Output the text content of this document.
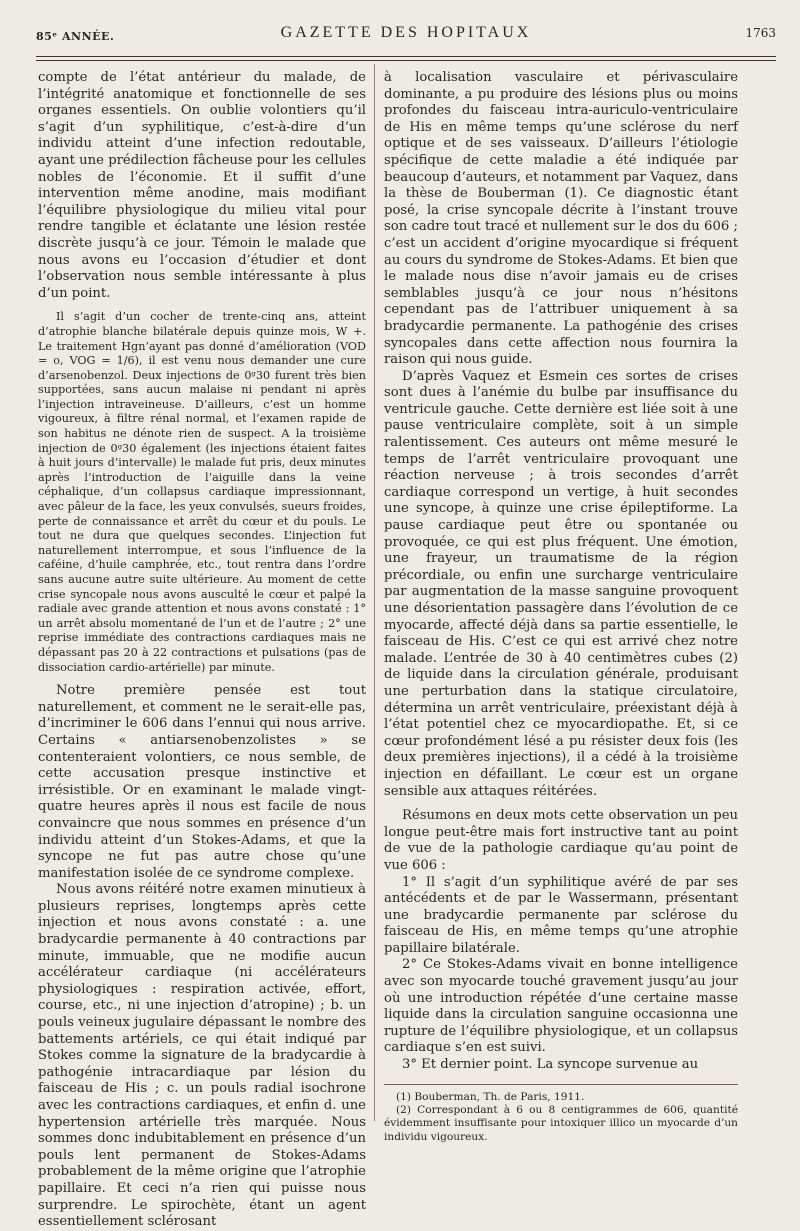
85ᵉ ANNÉE.	GAZETTE DES HOPITAUX	1763

compte de l’état antérieur du malade, de l’intégrité anatomique et fonctionnelle de ses organes essentiels. On oublie volontiers qu’il s’agit d’un syphilitique, c’est-à-dire d’un individu atteint d’une infection redoutable, ayant une prédilection fâcheuse pour les cellules nobles de l’économie. Et il suffit d’une intervention même anodine, mais modifiant l’équilibre physiologique du milieu vital pour rendre tangible et éclatante une lésion restée discrète jusqu’à ce jour. Témoin le malade que nous avons eu l’occasion d’étudier et dont l’observation nous semble intéressante à plus d’un point.

Il s’agit d’un cocher de trente-cinq ans, atteint d’atrophie blanche bilatérale depuis quinze mois, W +. Le traitement Hgn’ayant pas donné d’amélioration (VOD = o, VOG = 1/6), il est venu nous demander une cure d’arsenobenzol. Deux injections de 0ᵍ30 furent très bien supportées, sans aucun malaise ni pendant ni après l’injection intraveineuse. D’ailleurs, c’est un homme vigoureux, à filtre rénal normal, et l’examen rapide de son habitus ne dénote rien de suspect. A la troisième injection de 0ᵍ30 également (les injections étaient faites à huit jours d’intervalle) le malade fut pris, deux minutes après l’introduction de l’aiguille dans la veine céphalique, d’un collapsus cardiaque impressionnant, avec pâleur de la face, les yeux convulsés, sueurs froides, perte de connaissance et arrêt du cœur et du pouls. Le tout ne dura que quelques secondes. L’injection fut naturellement interrompue, et sous l’influence de la caféine, d’huile camphrée, etc., tout rentra dans l’ordre sans aucune autre suite ultérieure. Au moment de cette crise syncopale nous avons ausculté le cœur et palpé la radiale avec grande attention et nous avons constaté : 1° un arrêt absolu momentané de l’un et de l’autre ; 2° une reprise immédiate des contractions cardiaques mais ne dépassant pas 20 à 22 contractions et pulsations (pas de dissociation cardio-artérielle) par minute.

Notre première pensée est tout naturellement, et comment ne le serait-elle pas, d’incriminer le 606 dans l’ennui qui nous arrive. Certains « antiarsenobenzolistes » se contenteraient volontiers, ce nous semble, de cette accusation presque instinctive et irrésistible. Or en examinant le malade vingt-quatre heures après il nous est facile de nous convaincre que nous sommes en présence d’un individu atteint d’un Stokes-Adams, et que la syncope ne fut pas autre chose qu’une manifestation isolée de ce syndrome complexe.

Nous avons réitéré notre examen minutieux à plusieurs reprises, longtemps après cette injection et nous avons constaté : a. une bradycardie permanente à 40 contractions par minute, immuable, que ne modifie aucun accélérateur cardiaque (ni accélérateurs physiologiques : respiration activée, effort, course, etc., ni une injection d’atropine) ; b. un pouls veineux jugulaire dépassant le nombre des battements artériels, ce qui était indiqué par Stokes comme la signature de la bradycardie à pathogénie intracardiaque par lésion du faisceau de His ; c. un pouls radial isochrone avec les contractions cardiaques, et enfin d. une hypertension artérielle très marquée. Nous sommes donc indubitablement en présence d’un pouls lent permanent de Stokes-Adams probablement de la même origine que l’atrophie papillaire. Et ceci n’a rien qui puisse nous surprendre. Le spirochète, étant un agent essentiellement sclérosant

à localisation vasculaire et périvasculaire dominante, a pu produire des lésions plus ou moins profondes du faisceau intra-auriculo-ventriculaire de His en même temps qu’une sclérose du nerf optique et de ses vaisseaux. D’ailleurs l’étiologie spécifique de cette maladie a été indiquée par beaucoup d’auteurs, et notamment par Vaquez, dans la thèse de Bouberman (1). Ce diagnostic étant posé, la crise syncopale décrite à l’instant trouve son cadre tout tracé et nullement sur le dos du 606 ; c’est un accident d’origine myocardique si fréquent au cours du syndrome de Stokes-Adams. Et bien que le malade nous dise n’avoir jamais eu de crises semblables jusqu’à ce jour nous n’hésitons cependant pas de l’attribuer uniquement à sa bradycardie permanente. La pathogénie des crises syncopales dans cette affection nous fournira la raison qui nous guide.

D’après Vaquez et Esmein ces sortes de crises sont dues à l’anémie du bulbe par insuffisance du ventricule gauche. Cette dernière est liée soit à une pause ventriculaire complète, soit à un simple ralentissement. Ces auteurs ont même mesuré le temps de l’arrêt ventriculaire provoquant une réaction nerveuse ; à trois secondes d’arrêt cardiaque correspond un vertige, à huit secondes une syncope, à quinze une crise épileptiforme. La pause cardiaque peut être ou spontanée ou provoquée, ce qui est plus fréquent. Une émotion, une frayeur, un traumatisme de la région précordiale, ou enfin une surcharge ventriculaire par augmentation de la masse sanguine provoquent une désorientation passagère dans l’évolution de ce myocarde, affecté déjà dans sa partie essentielle, le faisceau de His. C’est ce qui est arrivé chez notre malade. L’entrée de 30 à 40 centimètres cubes (2) de liquide dans la circulation générale, produisant une perturbation dans la statique circulatoire, détermina un arrêt ventriculaire, préexistant déjà à l’état potentiel chez ce myocardiopathe. Et, si ce cœur profondément lésé a pu résister deux fois (les deux premières injections), il a cédé à la troisième injection en défaillant. Le cœur est un organe sensible aux attaques réitérées.

Résumons en deux mots cette observation un peu longue peut-être mais fort instructive tant au point de vue de la pathologie cardiaque qu’au point de vue 606 :

1° Il s’agit d’un syphilitique avéré de par ses antécédents et de par le Wassermann, présentant une bradycardie permanente par sclérose du faisceau de His, en même temps qu’une atrophie papillaire bilatérale.

2° Ce Stokes-Adams vivait en bonne intelligence avec son myocarde touché gravement jusqu’au jour où une introduction répétée d’une certaine masse liquide dans la circulation sanguine occasionna une rupture de l’équilibre physiologique, et un collapsus cardiaque s’en est suivi.

3° Et dernier point. La syncope survenue au

(1) Bouberman, Th. de Paris, 1911.

(2) Correspondant à 6 ou 8 centigrammes de 606, quantité évidemment insuffisante pour intoxiquer illico un myocarde d’un individu vigoureux.
